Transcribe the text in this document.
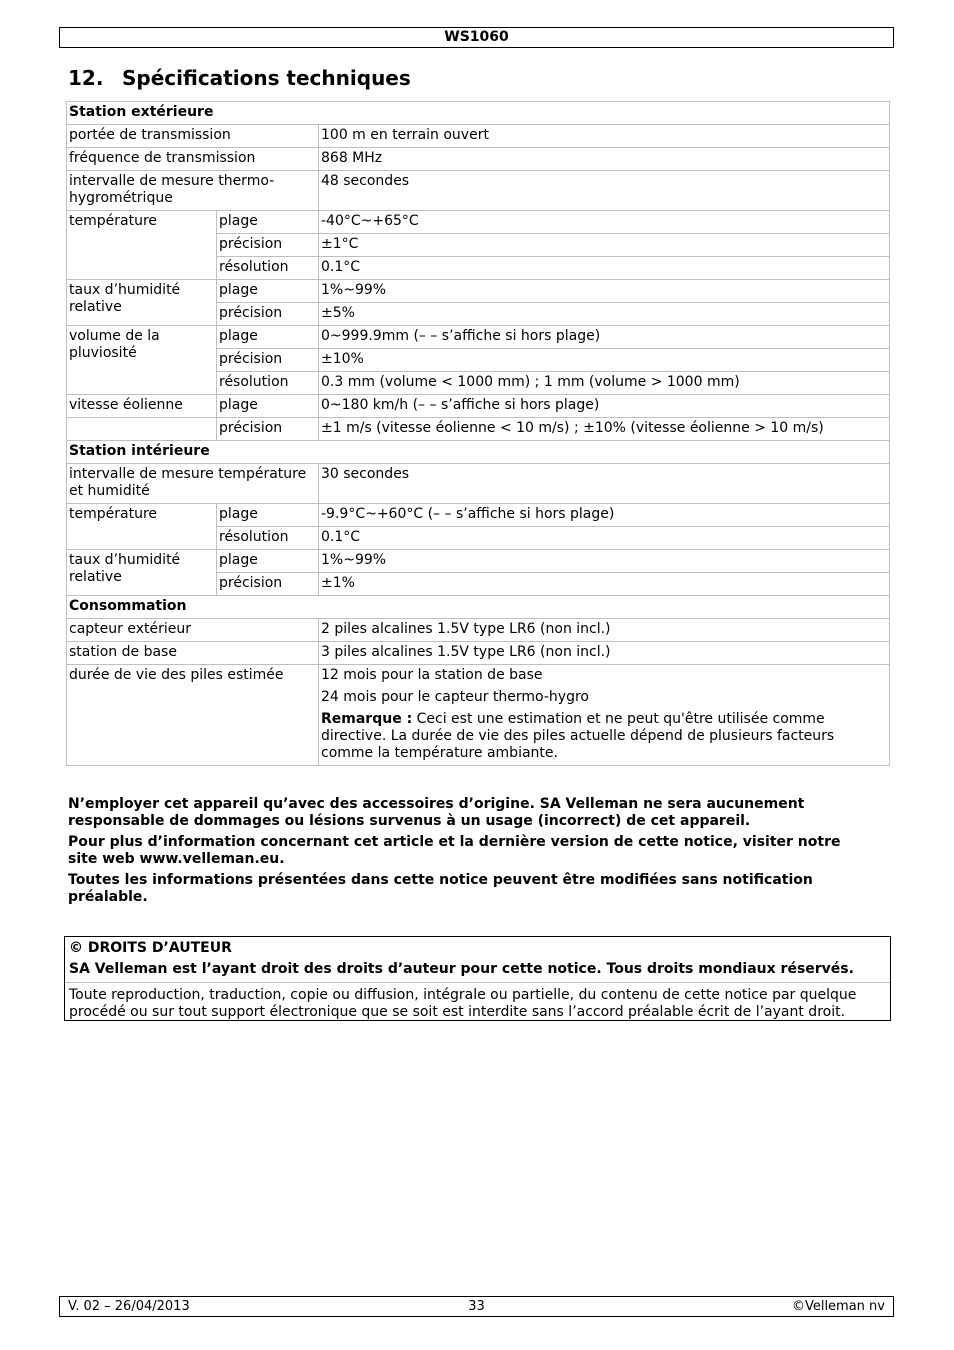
WS1060
12. Spécifications techniques
Station extérieure		
portée de transmission		100 m en terrain ouvert
fréquence de transmission		868 MHz
intervalle de mesure thermo-hygrométrique		48 secondes
température	plage	-40°C~+65°C
	précision	±1°C
	résolution	0.1°C
taux d’humidité relative	plage	1%~99%
	précision	±5%
volume de la pluviosité	plage	0~999.9mm (– – s’affiche si hors plage)
	précision	±10%
	résolution	0.3 mm (volume < 1000 mm) ; 1 mm (volume > 1000 mm)
vitesse éolienne	plage	0~180 km/h (– – s’affiche si hors plage)
	précision	±1 m/s (vitesse éolienne < 10 m/s) ; ±10% (vitesse éolienne > 10 m/s)
Station intérieure		
intervalle de mesure température et humidité		30 secondes
température	plage	-9.9°C~+60°C (– – s’affiche si hors plage)
	résolution	0.1°C
taux d’humidité relative	plage	1%~99%
	précision	±1%
Consommation		
capteur extérieur		2 piles alcalines 1.5V type LR6 (non incl.)
station de base		3 piles alcalines 1.5V type LR6 (non incl.)
durée de vie des piles estimée		12 mois pour la station de base

24 mois pour le capteur thermo-hygro

Remarque : Ceci est une estimation et ne peut qu'être utilisée comme directive. La durée de vie des piles actuelle dépend de plusieurs facteurs comme la température ambiante.

N’employer cet appareil qu’avec des accessoires d’origine. SA Velleman ne sera aucunement responsable de dommages ou lésions survenus à un usage (incorrect) de cet appareil.

Pour plus d’information concernant cet article et la dernière version de cette notice, visiter notre site web www.velleman.eu.

Toutes les informations présentées dans cette notice peuvent être modifiées sans notification préalable.

© DROITS D’AUTEUR
SA Velleman est l’ayant droit des droits d’auteur pour cette notice. Tous droits mondiaux réservés.
Toute reproduction, traduction, copie ou diffusion, intégrale ou partielle, du contenu de cette notice par quelque procédé ou sur tout support électronique que se soit est interdite sans l’accord préalable écrit de l’ayant droit.
V. 02 – 26/04/2013	33	©Velleman nv
